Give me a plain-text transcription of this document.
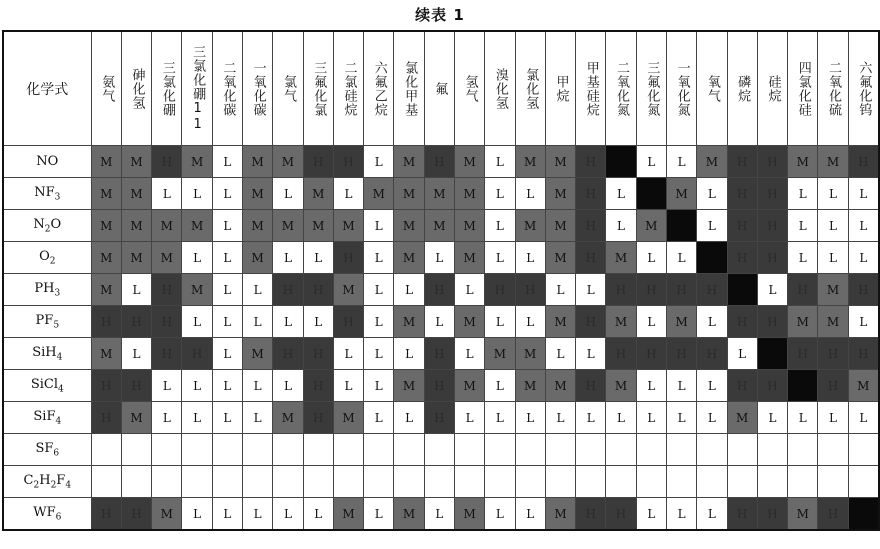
续表 1
化学式	氨气	砷化氢	三氯化硼	三氯化硼11	二氧化碳	一氧化碳	氯气	三氟化氯	二氯硅烷	六氟乙烷	氯化甲基	氟	氢气	溴化氢	氯化氢	甲烷	甲基硅烷	二氧化氮	三氟化氮	一氧化氮	氧气	磷烷	硅烷	四氯化硅	二氧化硫	六氟化钨

NO	M	M	H	M	L	M	M	H	H	L	M	H	M	L	M	M	H		L	L	M	H	H	M	M	H
$NF_3$	M	M	L	L	L	M	L	M	L	M	M	M	M	L	L	M	H	L		M	L	H	H	L	L	L
$N_2O$	M	M	M	M	L	M	M	M	M	L	M	M	M	L	M	M	H	L	M		L	H	H	L	L	L
$O_2$	M	M	M	L	L	M	L	L	H	L	M	L	M	L	L	M	H	M	L	L		H	H	L	L	L
$PH_3$	M	L	H	M	L	L	H	H	M	L	L	H	L	H	H	L	L	H	H	H	H		L	H	M	H
$PF_5$	H	H	H	L	L	L	L	L	H	L	M	L	M	L	L	M	H	M	L	M	L	H	H	M	M	L
SiH$_4$	M	L	H	H	L	M	H	H	L	L	L	H	L	M	M	L	L	H	H	H	H	L		H	H	H
SiCl$_4$	H	H	L	L	L	L	L	H	L	L	M	H	M	L	M	M	H	M	L	L	L	H	H		H	M
SiF$_4$	H	M	L	L	L	L	M	H	M	L	L	H	L	L	L	L	L	L	L	L	L	M	L	L	L	L
$SF_6$																										
$C_2H_2F_4$																										
$WF_6$	H	H	M	L	L	L	L	L	M	L	M	L	M	L	L	M	H	H	L	L	L	H	H	M	H	
